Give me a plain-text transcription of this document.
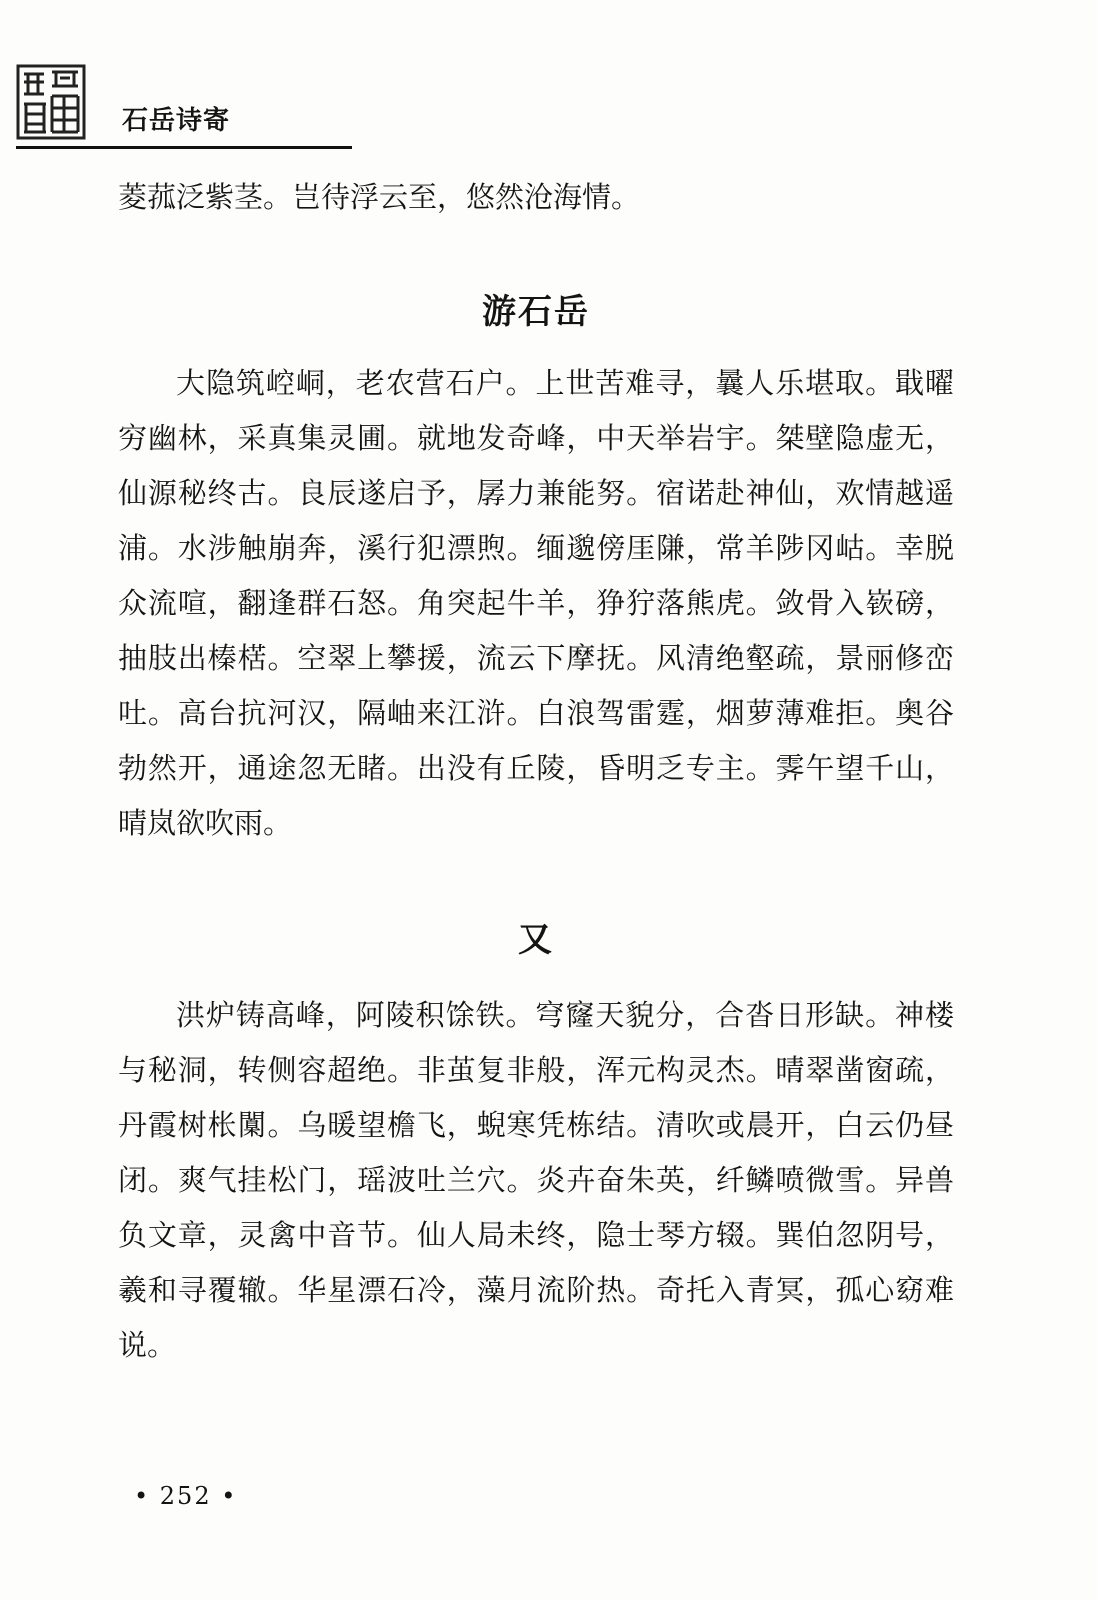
石岳诗寄

菱菰泛紫茎。岂待浮云至，悠然沧海情。

游石岳

大隐筑崆峒，老农营石户。上世苦难寻，曩人乐堪取。戢曜穷幽林，采真集灵圃。就地发奇峰，中天举岩宇。桀壁隐虚无，仙源秘终古。良辰遂启予，孱力兼能努。宿诺赴神仙，欢情越遥浦。水涉触崩奔，溪行犯漂煦。缅邈傍厓隒，常羊陟冈岵。幸脱众流喧，翻逢群石怒。角突起牛羊，狰狞落熊虎。敛骨入嵚磅，抽肢出榛楛。空翠上攀援，流云下摩抚。风清绝壑疏，景丽修峦吐。高台抗河汉，隔岫来江浒。白浪驾雷霆，烟萝薄难拒。奥谷勃然开，通途忽无睹。出没有丘陵，昏明乏专主。霁午望千山，晴岚欲吹雨。

又

洪炉铸高峰，阿陵积馀铁。穹窿天貌分，合沓日形缺。神楼与秘洞，转侧容超绝。非茧复非般，浑元构灵杰。晴翠凿窗疏，丹霞树枨闑。乌暖望檐飞，蜺寒凭栋结。清吹或晨开，白云仍昼闭。爽气挂松门，瑶波吐兰穴。炎卉奋朱英，纤鳞喷微雪。异兽负文章，灵禽中音节。仙人局未终，隐士琴方辍。巽伯忽阴号，羲和寻覆辙。华星漂石冷，藻月流阶热。奇托入青冥，孤心窈难说。

• 252 •
